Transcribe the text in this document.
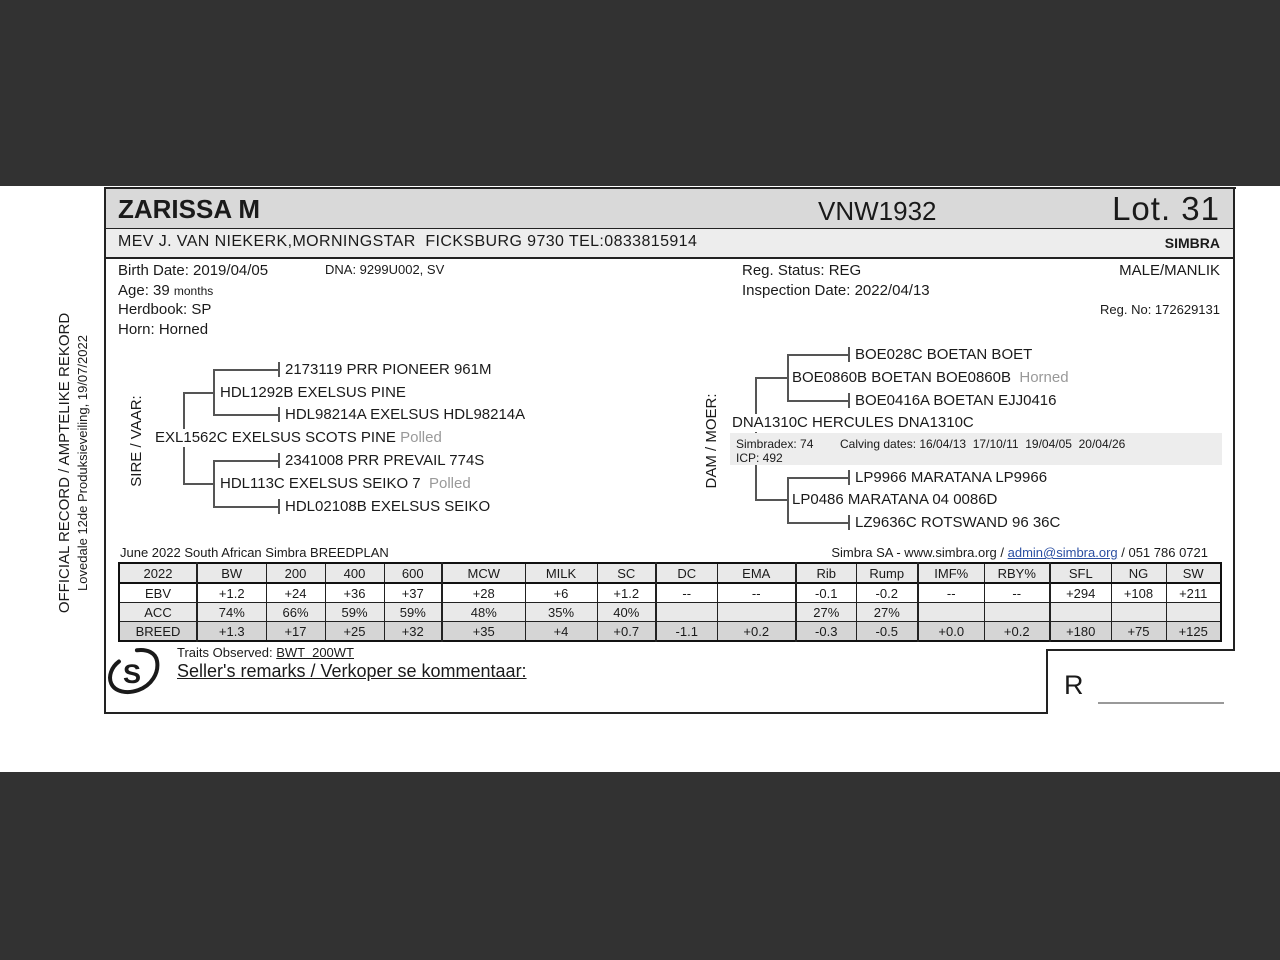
OFFICIAL RECORD / AMPTELIKE REKORD Lovedale 12de Produksieveiling, 19/07/2022
ZARISSA M	VNW1932	Lot. 31
MEV J. VAN NIEKERK,MORNINGSTAR  FICKSBURG 9730 TEL:0833815914	SIMBRA
Birth Date: 2019/04/05	DNA: 9299U002, SV
Age: 39 months
Herdbook: SP
Horn: Horned
Reg. Status: REG
Inspection Date: 2022/04/13
MALE/MANLIK
Reg. No: 172629131
SIRE / VAAR:
2173119 PRR PIONEER 961M
HDL1292B EXELSUS PINE
HDL98214A EXELSUS HDL98214A
EXL1562C EXELSUS SCOTS PINE Polled
2341008 PRR PREVAIL 774S
HDL113C EXELSUS SEIKO 7 Polled
HDL02108B EXELSUS SEIKO
DAM / MOER:
BOE028C BOETAN BOET
BOE0860B BOETAN BOE0860B Horned
BOE0416A BOETAN EJJ0416
DNA1310C HERCULES DNA1310C
Simbradex: 74 Calving dates: 16/04/13  17/10/11  19/04/05  20/04/26
ICP: 492
LP9966 MARATANA LP9966
LP0486 MARATANA 04 0086D
LZ9636C ROTSWAND 96 36C
June 2022 South African Simbra BREEDPLAN	Simbra SA - www.simbra.org / admin@simbra.org / 051 786 0721
2022	BW	200	400	600	MCW	MILK	SC	DC	EMA	Rib	Rump	IMF%	RBY%	SFL	NG	SW
EBV	+1.2	+24	+36	+37	+28	+6	+1.2	--	--	-0.1	-0.2	--	--	+294	+108	+211
ACC	74%	66%	59%	59%	48%	35%	40%			27%	27%					
BREED	+1.3	+17	+25	+32	+35	+4	+0.7	-1.1	+0.2	-0.3	-0.5	+0.0	+0.2	+180	+75	+125
S
Traits Observed: BWT  200WT
Seller's remarks / Verkoper se kommentaar:	R
